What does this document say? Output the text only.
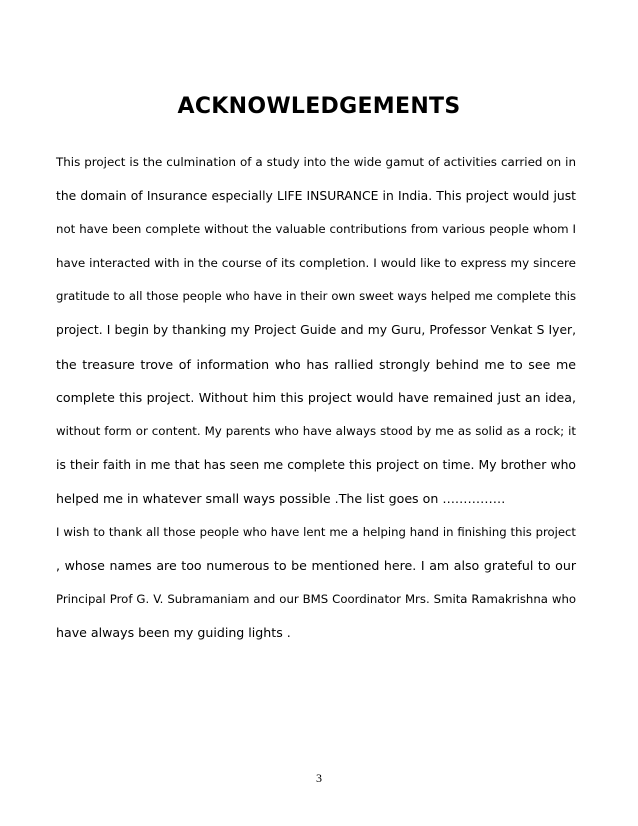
ACKNOWLEDGEMENTS
This project is the culmination of a study into the wide gamut of activities carried on in
the domain of Insurance especially LIFE INSURANCE in India. This project would just
not have been complete without the valuable contributions from various people whom I
have interacted with in the course of its completion. I would like to express my sincere
gratitude to all those people who have in their own sweet ways helped me complete this
project. I begin by thanking my Project Guide and my Guru, Professor Venkat S Iyer,
the treasure trove of information who has rallied strongly behind me to see me
complete this project. Without him this project would have remained just an idea,
without form or content. My parents who have always stood by me as solid as a rock; it
is their faith in me that has seen me complete this project on time. My brother who
helped me in whatever small ways possible .The list goes on ……………
I wish to thank all those people who have lent me a helping hand in finishing this project
, whose names are too numerous to be mentioned here. I am also grateful to our
Principal Prof G. V. Subramaniam and our BMS Coordinator Mrs. Smita Ramakrishna who
have always been my guiding lights .

3
